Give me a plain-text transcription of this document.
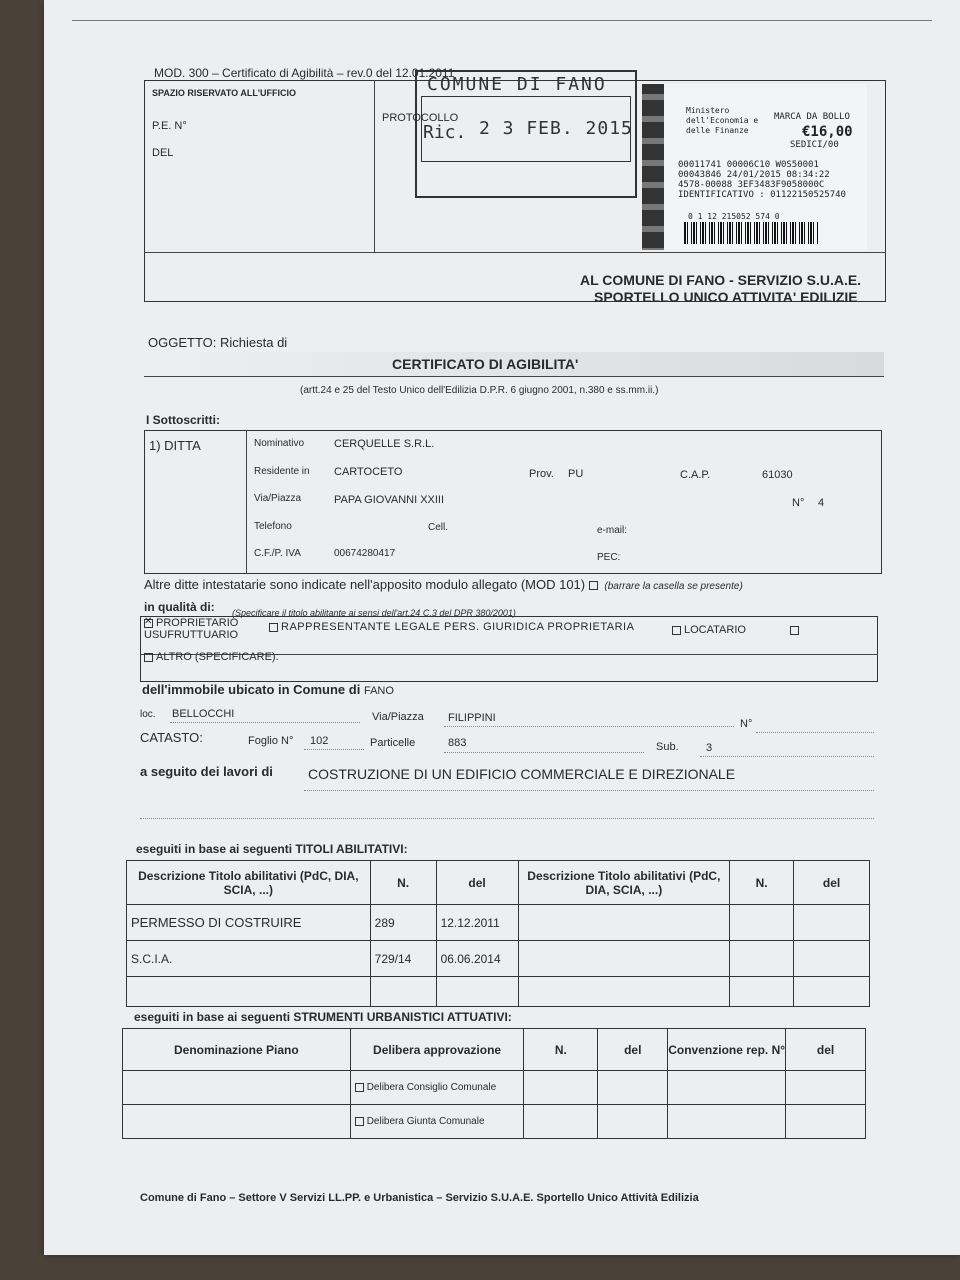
MOD. 300 – Certificato di Agibilità – rev.0 del 12.01.2011
SPAZIO RISERVATO ALL'UFFICIO
P.E. N°
DEL
PROTOCOLLO
COMUNE DI FANO
Ric. 2 3 FEB. 2015
Ministero dell'Economia e delle Finanze
MARCA DA BOLLO
€16,00
SEDICI/00
00011741 00006C10 W0S50001
00043846 24/01/2015 08:34:22
4578-00088 3EF3483F9058000C
IDENTIFICATIVO : 01122150525740
0 1 12 215052 574 0
AL COMUNE DI FANO - SERVIZIO S.U.A.E.
SPORTELLO UNICO ATTIVITA' EDILIZIE
OGGETTO: Richiesta di
CERTIFICATO DI AGIBILITA'
(artt.24 e 25 del Testo Unico dell'Edilizia D.P.R. 6 giugno 2001, n.380 e ss.mm.ii.)
I Sottoscritti:
1) DITTA	Nominativo	CERQUELLE S.R.L.
Residente in CARTOCETO	Prov. PU	C.A.P.	61030
Via/Piazza	PAPA GIOVANNI XXIII	N° 4
Telefono	Cell.	e-mail:
C.F./P. IVA	00674280417	PEC:
Altre ditte intestatarie sono indicate nell'apposito modulo allegato (MOD 101) (barrare la casella se presente)
in qualità di: (Specificare il titolo abilitante ai sensi dell'art.24 C.3 del DPR 380/2001)
✕PROPRIETARIO	RAPPRESENTANTE LEGALE PERS. GIURIDICA PROPRIETARIA	LOCATARIO
USUFRUTTUARIO
ALTRO (SPECIFICARE):
dell'immobile ubicato in Comune di FANO
loc. BELLOCCHI	Via/Piazza FILIPPINI	N°
CATASTO:	Foglio N° 102	Particelle	883	Sub. 3
a seguito dei lavori di	COSTRUZIONE DI UN EDIFICIO COMMERCIALE E DIREZIONALE
eseguiti in base ai seguenti TITOLI ABILITATIVI:
Descrizione Titolo abilitativi (PdC, DIA, SCIA, ...)	N.	del	Descrizione Titolo abilitativi (PdC, DIA, SCIA, ...)	N.	del
PERMESSO DI COSTRUIRE	289	12.12.2011			
S.C.I.A.	729/14	06.06.2014			

eseguiti in base ai seguenti STRUMENTI URBANISTICI ATTUATIVI:
Denominazione Piano	Delibera approvazione	N.	del	Convenzione rep. N°	del
	Delibera Consiglio Comunale				
	Delibera Giunta Comunale				
Comune di Fano – Settore V Servizi LL.PP. e Urbanistica – Servizio S.U.A.E. Sportello Unico Attività Edilizia
